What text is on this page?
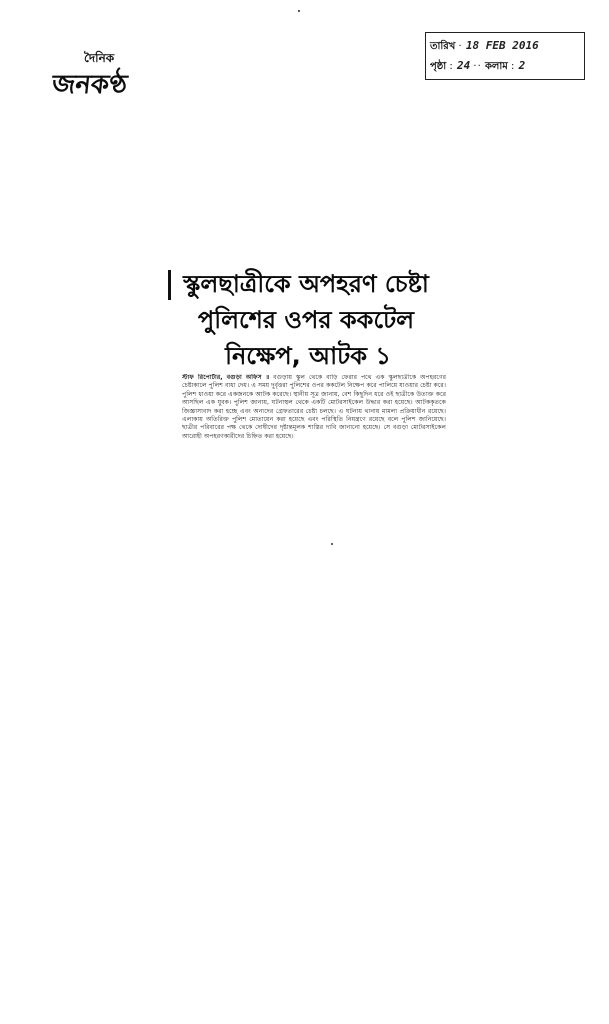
দৈনিক
জনকণ্ঠ
তারিখ · 18 FEB 2016
পৃষ্ঠা : 24 ·· কলাম : 2
স্কুলছাত্রীকে অপহরণ চেষ্টা
পুলিশের ওপর ককটেল
নিক্ষেপ, আটক ১
স্টাফ রিপোর্টার, বগুড়া অফিস ॥ বগুড়ায় স্কুল থেকে বাড়ি ফেরার পথে এক স্কুলছাত্রীকে অপহরণের চেষ্টাকালে পুলিশ বাধা দেয়। এ সময় দুর্বৃত্তরা পুলিশের ওপর ককটেল নিক্ষেপ করে পালিয়ে যাওয়ার চেষ্টা করে। পুলিশ ধাওয়া করে একজনকে আটক করেছে। স্থানীয় সূত্র জানায়, বেশ কিছুদিন ধরে ওই ছাত্রীকে উত্যক্ত করে আসছিল এক যুবক। পুলিশ জানায়, ঘটনাস্থল থেকে একটি মোটরসাইকেল উদ্ধার করা হয়েছে। আটককৃতকে জিজ্ঞাসাবাদ করা হচ্ছে এবং অন্যদের গ্রেফতারের চেষ্টা চলছে। এ ঘটনায় থানায় মামলা প্রক্রিয়াধীন রয়েছে। এলাকায় অতিরিক্ত পুলিশ মোতায়েন করা হয়েছে এবং পরিস্থিতি নিয়ন্ত্রণে রয়েছে বলে পুলিশ জানিয়েছে। ছাত্রীর পরিবারের পক্ষ থেকে দোষীদের দৃষ্টান্তমূলক শাস্তির দাবি জানানো হয়েছে। সে বগুড়া মোটরসাইকেল আরোহী অপহরণকারীদের চিহ্নিত করা হয়েছে।
